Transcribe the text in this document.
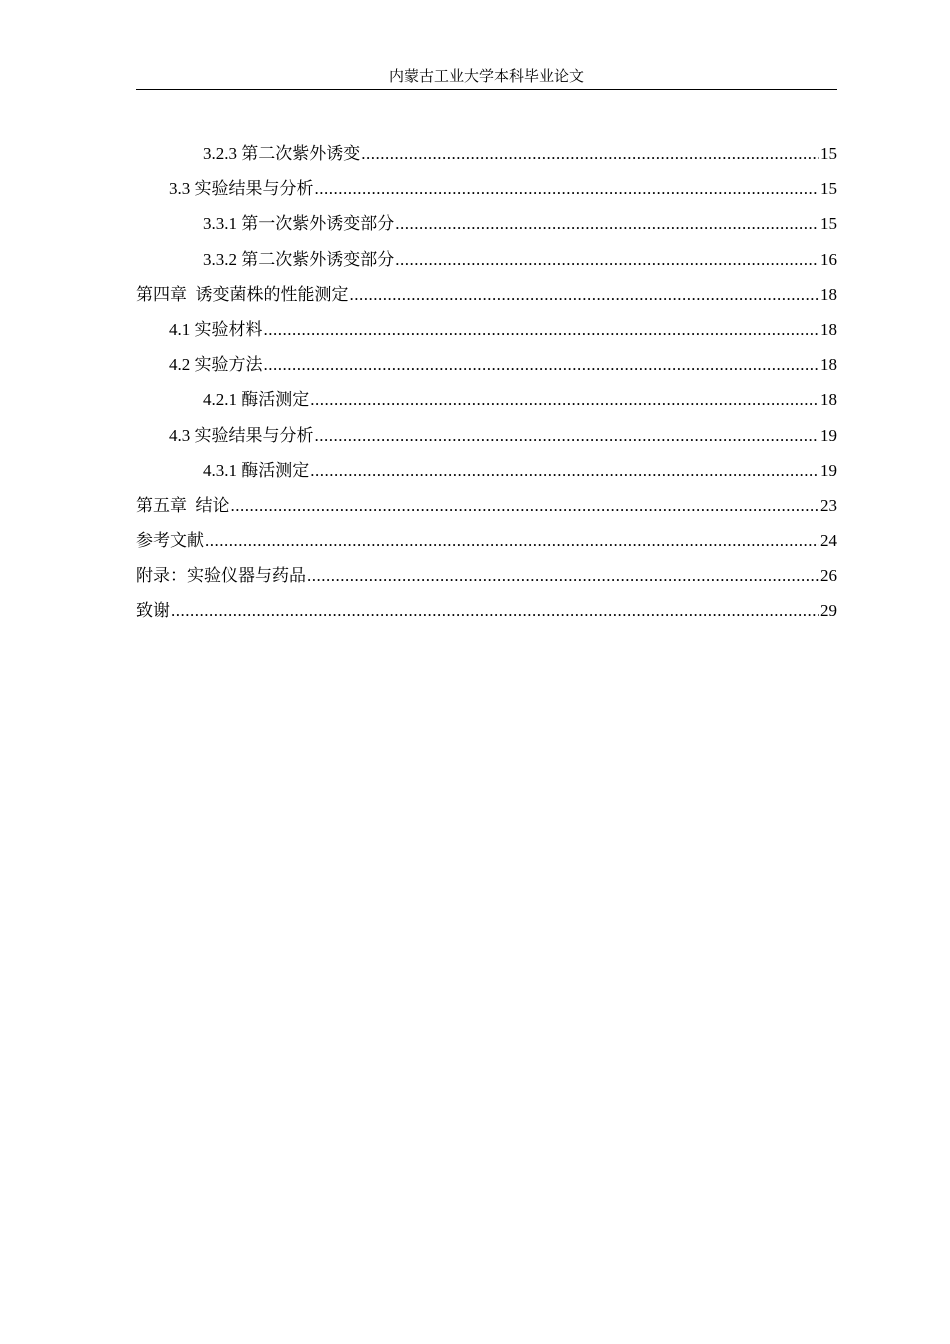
内蒙古工业大学本科毕业论文
3.2.3 第二次紫外诱变 .....	15
3.3 实验结果与分析 .....	15
3.3.1 第一次紫外诱变部分 .....	15
3.3.2 第二次紫外诱变部分 .....	16
第四章  诱变菌株的性能测定 .....	18
4.1 实验材料 .....	18
4.2 实验方法 .....	18
4.2.1 酶活测定 .....	18
4.3 实验结果与分析 .....	19
4.3.1 酶活测定 .....	19
第五章  结论 .....	23
参考文献 .....	24
附录：实验仪器与药品 .....	26
致谢 .....	29
